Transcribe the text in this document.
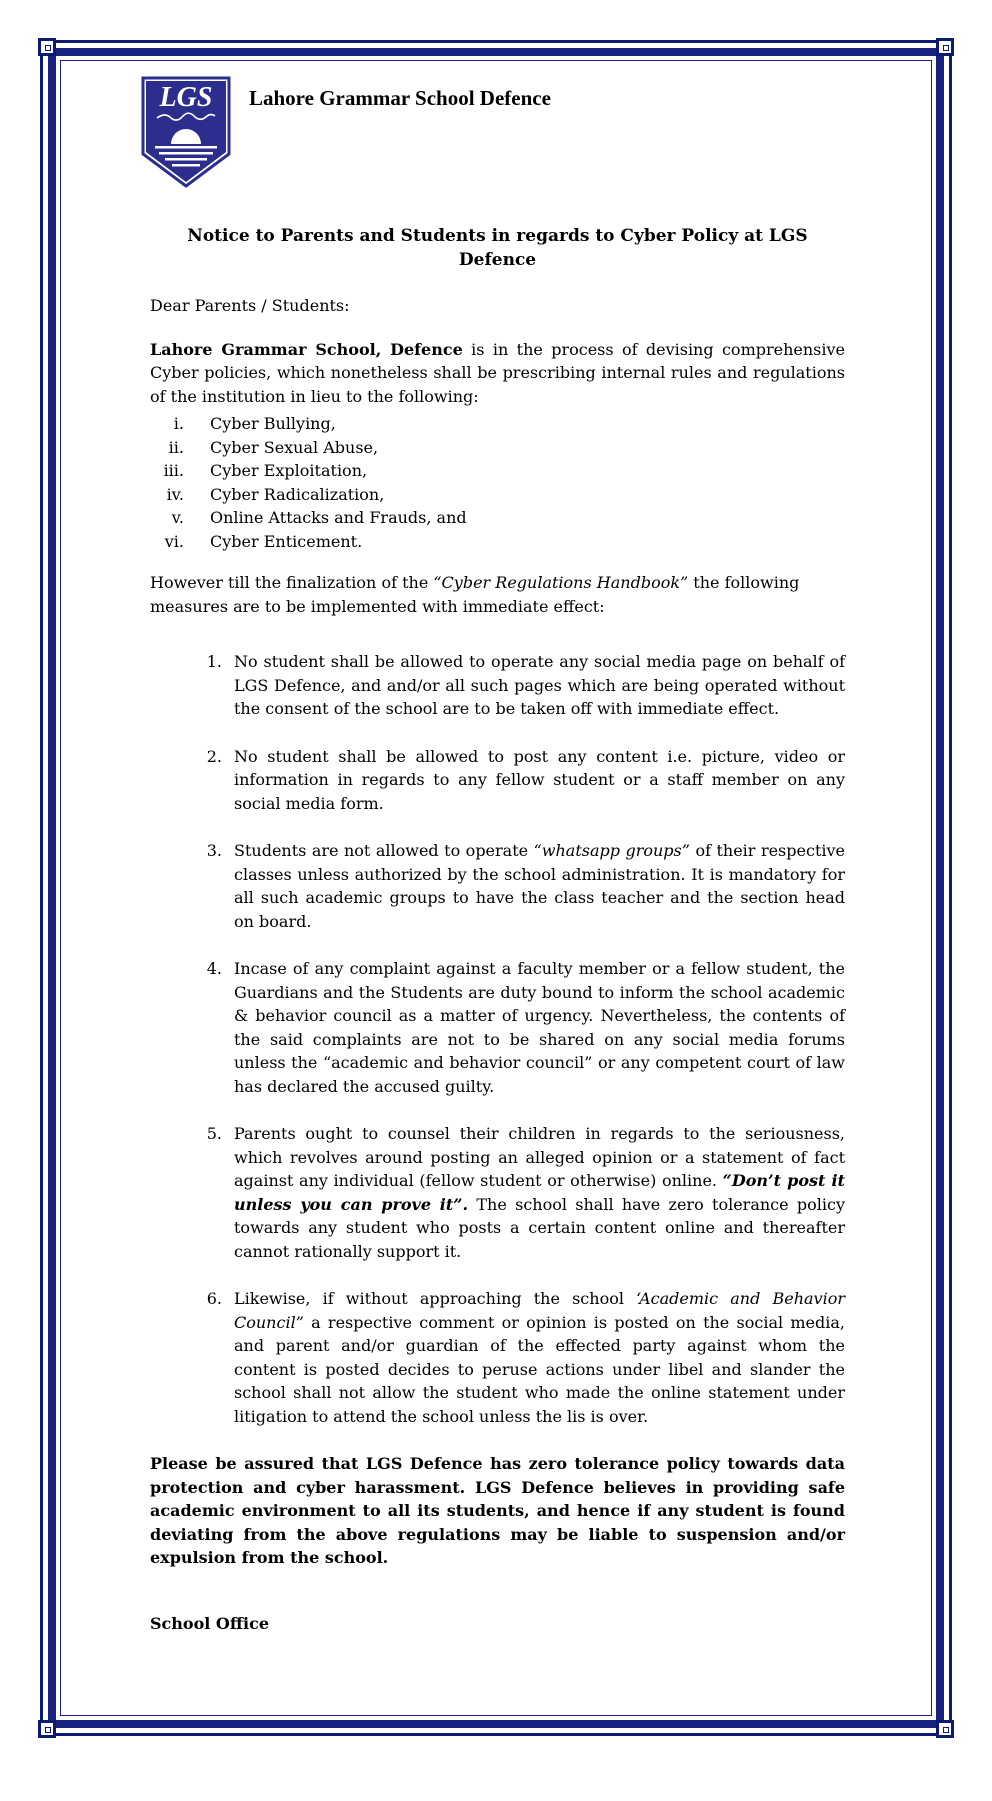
LGS Lahore Grammar School Defence

Notice to Parents and Students in regards to Cyber Policy at LGS Defence

Dear Parents / Students:

Lahore Grammar School, Defence is in the process of devising comprehensive Cyber policies, which nonetheless shall be prescribing internal rules and regulations of the institution in lieu to the following:

i.	Cyber Bullying,
ii.	Cyber Sexual Abuse,
iii.	Cyber Exploitation,
iv.	Cyber Radicalization,
v.	Online Attacks and Frauds, and
vi.	Cyber Enticement.

However till the finalization of the “Cyber Regulations Handbook” the following measures are to be implemented with immediate effect:

1. No student shall be allowed to operate any social media page on behalf of LGS Defence, and and/or all such pages which are being operated without the consent of the school are to be taken off with immediate effect.
2. No student shall be allowed to post any content i.e. picture, video or information in regards to any fellow student or a staff member on any social media form.
3. Students are not allowed to operate “whatsapp groups” of their respective classes unless authorized by the school administration. It is mandatory for all such academic groups to have the class teacher and the section head on board.
4. Incase of any complaint against a faculty member or a fellow student, the Guardians and the Students are duty bound to inform the school academic & behavior council as a matter of urgency. Nevertheless, the contents of the said complaints are not to be shared on any social media forums unless the “academic and behavior council” or any competent court of law has declared the accused guilty.
5. Parents ought to counsel their children in regards to the seriousness, which revolves around posting an alleged opinion or a statement of fact against any individual (fellow student or otherwise) online. “Don’t post it unless you can prove it”. The school shall have zero tolerance policy towards any student who posts a certain content online and thereafter cannot rationally support it.
6. Likewise, if without approaching the school ‘Academic and Behavior Council” a respective comment or opinion is posted on the social media, and parent and/or guardian of the effected party against whom the content is posted decides to peruse actions under libel and slander the school shall not allow the student who made the online statement under litigation to attend the school unless the lis is over.

Please be assured that LGS Defence has zero tolerance policy towards data protection and cyber harassment. LGS Defence believes in providing safe academic environment to all its students, and hence if any student is found deviating from the above regulations may be liable to suspension and/or expulsion from the school.

School Office
